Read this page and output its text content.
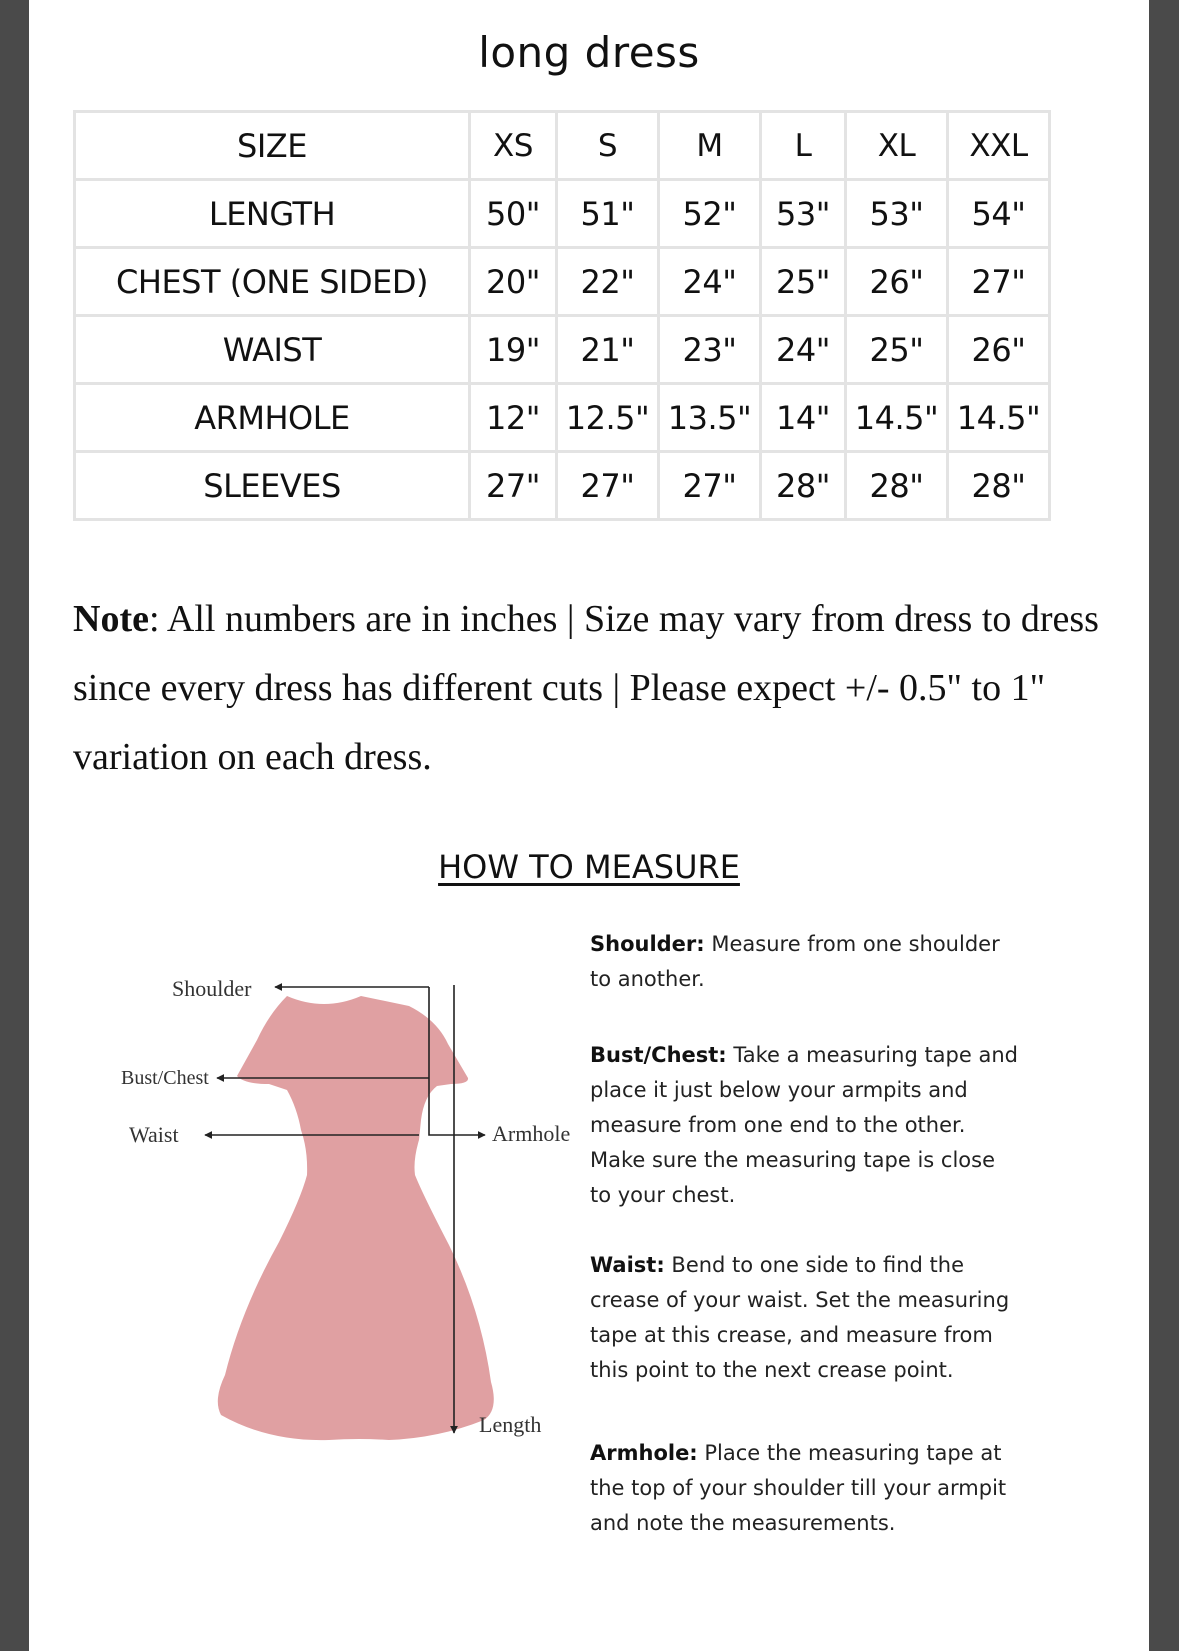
long dress
SIZE	XS	S	M	L	XL	XXL
LENGTH	50"	51"	52"	53"	53"	54"
CHEST (ONE SIDED)	20"	22"	24"	25"	26"	27"
WAIST	19"	21"	23"	24"	25"	26"
ARMHOLE	12"	12.5"	13.5"	14"	14.5"	14.5"
SLEEVES	27"	27"	27"	28"	28"	28"
Note: All numbers are in inches | Size may vary from dress to dress since every dress has different cuts | Please expect +/- 0.5" to 1" variation on each dress.
HOW TO MEASURE
Shoulder
Bust/Chest
Waist	Armhole
Length
Shoulder: Measure from one shoulder to another.
Bust/Chest: Take a measuring tape and place it just below your armpits and measure from one end to the other. Make sure the measuring tape is close to your chest.
Waist: Bend to one side to find the crease of your waist. Set the measuring tape at this crease, and measure from this point to the next crease point.
Armhole: Place the measuring tape at the top of your shoulder till your armpit and note the measurements.
